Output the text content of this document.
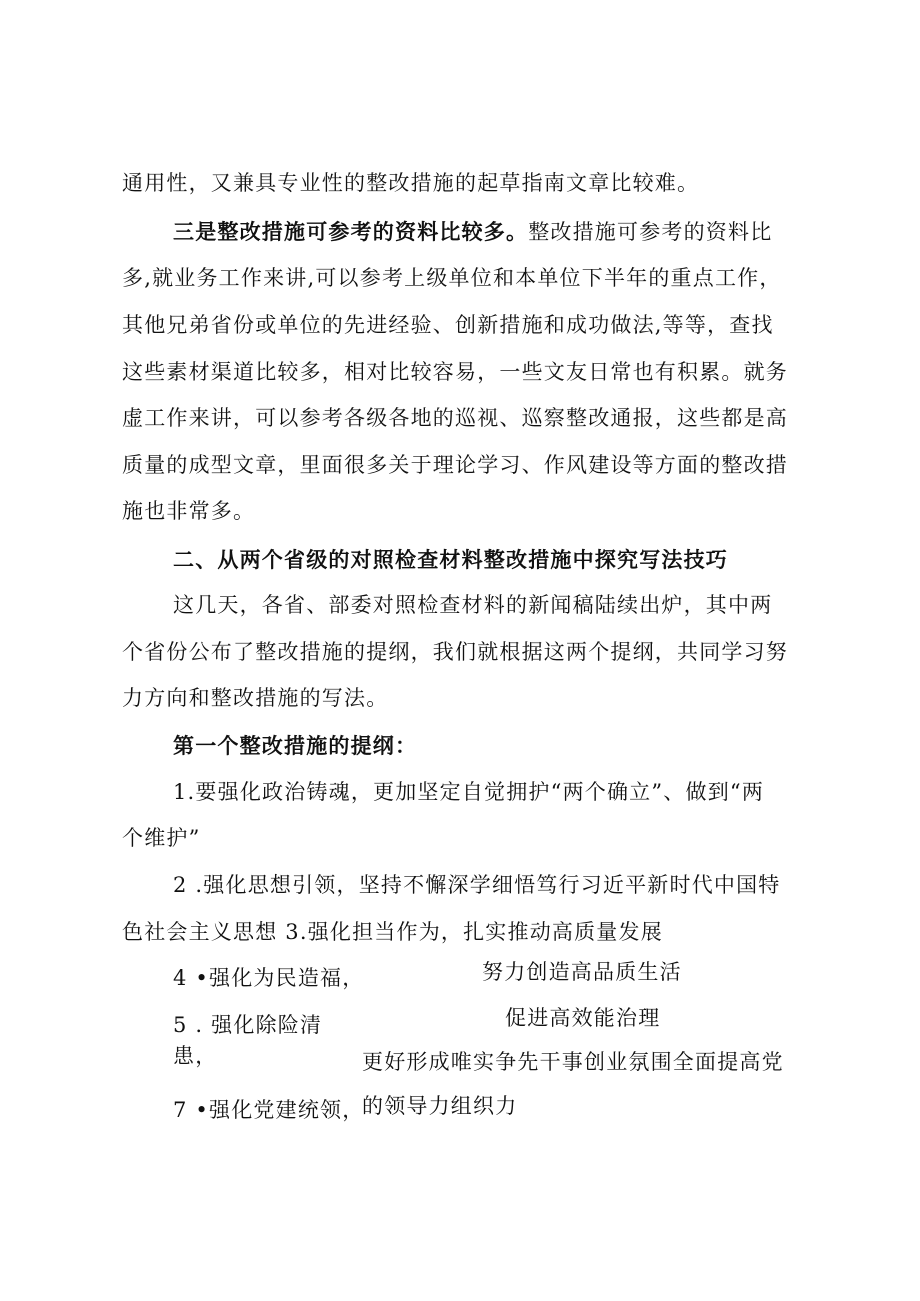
通用性，又兼具专业性的整改措施的起草指南文章比较难。
三是整改措施可参考的资料比较多。整改措施可参考的资料比
多,就业务工作来讲,可以参考上级单位和本单位下半年的重点工作，
其他兄弟省份或单位的先进经验、创新措施和成功做法,等等，查找
这些素材渠道比较多，相对比较容易，一些文友日常也有积累。就务
虚工作来讲，可以参考各级各地的巡视、巡察整改通报，这些都是高
质量的成型文章，里面很多关于理论学习、作风建设等方面的整改措
施也非常多。
二、从两个省级的对照检查材料整改措施中探究写法技巧
这几天，各省、部委对照检查材料的新闻稿陆续出炉，其中两
个省份公布了整改措施的提纲，我们就根据这两个提纲，共同学习努
力方向和整改措施的写法。
第一个整改措施的提纲：
1.要强化政治铸魂，更加坚定自觉拥护“两个确立”、做到“两
个维护”
2 .强化思想引领，坚持不懈深学细悟笃行习近平新时代中国特
色社会主义思想 3.强化担当作为，扎实推动高质量发展
4 •强化为民造福，	努力创造高品质生活
5 . 强化除险清	促进高效能治理
患，	更好形成唯实争先干事创业氛围全面提高党
7 •强化党建统领，
的领导力组织力
